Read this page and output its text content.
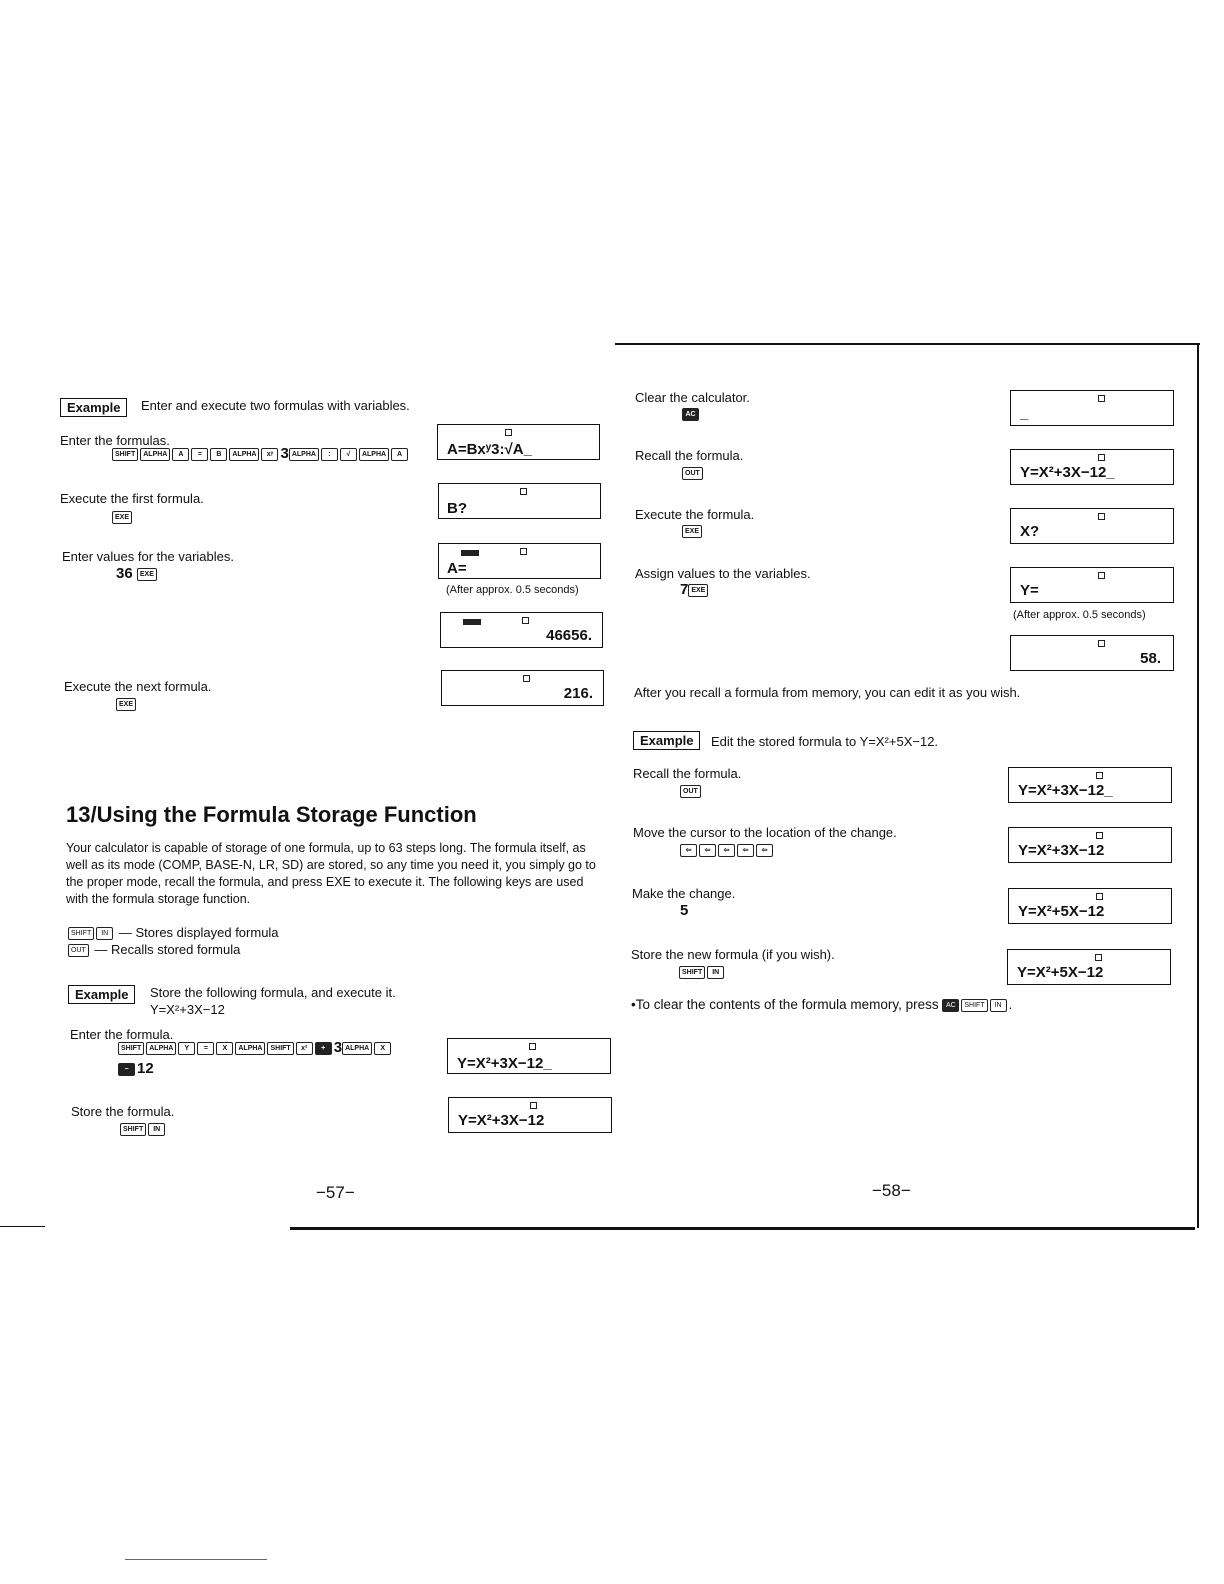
Example	Enter and execute two formulas with variables.
Enter the formulas.
SHIFT ALPHA A = B ALPHA xʸ 3 ALPHA : √ ALPHA A	A=Bxʸ3:√A_
Execute the first formula.
EXE
B?
Enter values for the variables.
36 EXE	A=
(After approx. 0.5 seconds)
46656.
Execute the next formula.
EXE
216.
13/Using the Formula Storage Function
Your calculator is capable of storage of one formula, up to 63 steps long. The formula itself, as well as its mode (COMP, BASE-N, LR, SD) are stored, so any time you need it, you simply go to the proper mode, recall the formula, and press EXE to execute it. The following keys are used with the formula storage function.
SHIFT IN — Stores displayed formula
OUT — Recalls stored formula
Example	Store the following formula, and execute it.
Y=X²+3X−12
Enter the formula.
SHIFT ALPHA Y = X ALPHA SHIFT x² + 3 ALPHA X
− 12	Y=X²+3X−12_
Store the formula.
SHIFT IN
Y=X²+3X−12
−57−
Clear the calculator.
AC	_
Recall the formula.
OUT	Y=X²+3X−12_
Execute the formula.
EXE	X?
Assign values to the variables.
7 EXE	Y=
(After approx. 0.5 seconds)
58.
After you recall a formula from memory, you can edit it as you wish.
Example	Edit the stored formula to Y=X²+5X−12.
Recall the formula.
OUT	Y=X²+3X−12_
Move the cursor to the location of the change.
⇦ ⇦ ⇦ ⇦ ⇦	Y=X²+3X−12
Make the change.
5	Y=X²+5X−12
Store the new formula (if you wish).
SHIFT IN	Y=X²+5X−12
•To clear the contents of the formula memory, press AC SHIFT IN .
−58−
